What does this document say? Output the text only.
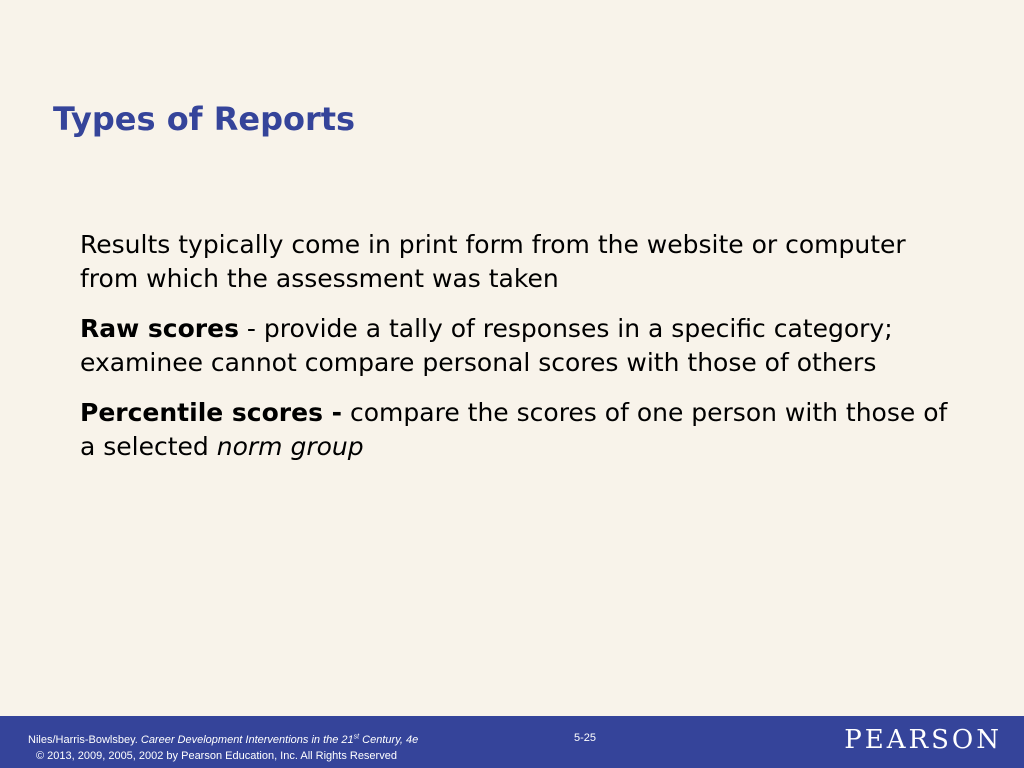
Types of Reports

Results typically come in print form from the website or computer from which the assessment was taken

Raw scores - provide a tally of responses in a specific category; examinee cannot compare personal scores with those of others

Percentile scores - compare the scores of one person with those of a selected norm group

Niles/Harris-Bowlsbey. Career Development Interventions in the 21st Century, 4e
© 2013, 2009, 2005, 2002 by Pearson Education, Inc. All Rights Reserved
5-25	PEARSON
